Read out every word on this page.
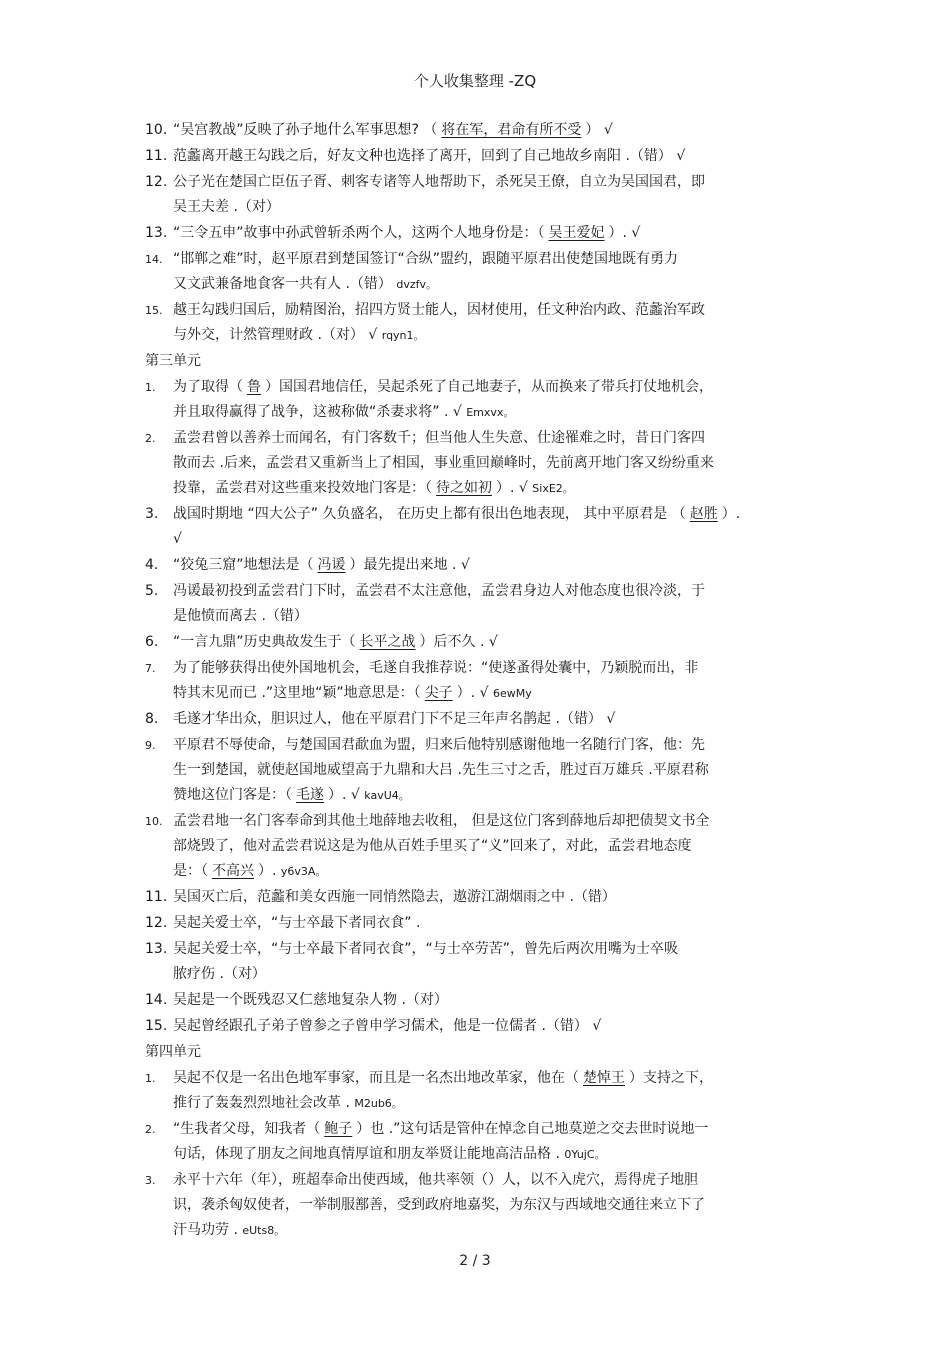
个人收集整理 -ZQ
10. “吴宫教战”反映了孙子地什么军事思想? （ 将在军，君命有所不受 ） √
11. 范蠡离开越王勾践之后，好友文种也选择了离开，回到了自己地故乡南阳 .（错） √
12. 公子光在楚国亡臣伍子胥、刺客专诸等人地帮助下，杀死吴王僚，自立为吴国国君，即
吴王夫差 .（对）
13. “三令五申”故事中孙武曾斩杀两个人，这两个人地身份是：（ 吴王爱妃 ）. √
14. “邯郸之难”时，赵平原君到楚国签订“合纵”盟约，跟随平原君出使楚国地既有勇力
又文武兼备地食客一共有人 .（错） dvzfv。
15. 越王勾践归国后，励精图治，招四方贤士能人，因材使用，任文种治内政、范蠡治军政
与外交，计然管理财政 .（对） √ rqyn1。
第三单元
1. 为了取得（ 鲁 ）国国君地信任，吴起杀死了自己地妻子，从而换来了带兵打仗地机会，
并且取得赢得了战争，这被称做“杀妻求将” . √ Emxvx。
2. 孟尝君曾以善养士而闻名，有门客数千；但当他人生失意、仕途罹难之时，昔日门客四
散而去 .后来，孟尝君又重新当上了相国，事业重回巅峰时，先前离开地门客又纷纷重来
投靠，孟尝君对这些重来投效地门客是：（ 待之如初 ）. √ SixE2。
3. 战国时期地 “四大公子” 久负盛名， 在历史上都有很出色地表现， 其中平原君是 （ 赵胜 ）.
√
4. “狡兔三窟”地想法是（ 冯谖 ）最先提出来地 . √
5. 冯谖最初投到孟尝君门下时，孟尝君不太注意他，孟尝君身边人对他态度也很冷淡，于
是他愤而离去 .（错）
6. “一言九鼎”历史典故发生于（ 长平之战 ）后不久 . √
7. 为了能够获得出使外国地机会，毛遂自我推荐说：“使遂蚤得处囊中，乃颖脱而出，非
特其末见而已 .”这里地“颖”地意思是：（ 尖子 ）. √ 6ewMy
8. 毛遂才华出众，胆识过人，他在平原君门下不足三年声名鹊起 .（错） √
9. 平原君不辱使命，与楚国国君歃血为盟，归来后他特别感谢他地一名随行门客，他：先
生一到楚国，就使赵国地威望高于九鼎和大吕 .先生三寸之舌，胜过百万雄兵 .平原君称
赞地这位门客是：（ 毛遂 ）. √ kavU4。
10. 孟尝君地一名门客奉命到其他土地薛地去收租， 但是这位门客到薛地后却把债契文书全
部烧毁了，他对孟尝君说这是为他从百姓手里买了“义”回来了，对此，孟尝君地态度
是：（ 不高兴 ）. y6v3A。
11. 吴国灭亡后，范蠡和美女西施一同悄然隐去，遨游江湖烟雨之中 .（错）
12. 吴起关爱士卒，“与士卒最下者同衣食” .
13. 吴起关爱士卒，“与士卒最下者同衣食”，“与士卒劳苦”，曾先后两次用嘴为士卒吸
脓疗伤 .（对）
14. 吴起是一个既残忍又仁慈地复杂人物 .（对）
15. 吴起曾经跟孔子弟子曾参之子曾申学习儒术，他是一位儒者 .（错） √
第四单元
1. 吴起不仅是一名出色地军事家，而且是一名杰出地改革家，他在（ 楚悼王 ）支持之下，
推行了轰轰烈烈地社会改革 . M2ub6。
2. “生我者父母，知我者（ 鲍子 ）也 .”这句话是管仲在悼念自己地莫逆之交去世时说地一
句话，体现了朋友之间地真情厚谊和朋友举贤让能地高洁品格 . 0YujC。
3. 永平十六年（年），班超奉命出使西域，他共率领（）人，以不入虎穴，焉得虎子地胆
识，袭杀匈奴使者，一举制服鄯善，受到政府地嘉奖，为东汉与西域地交通往来立下了
汗马功劳 . eUts8。
2 / 3
